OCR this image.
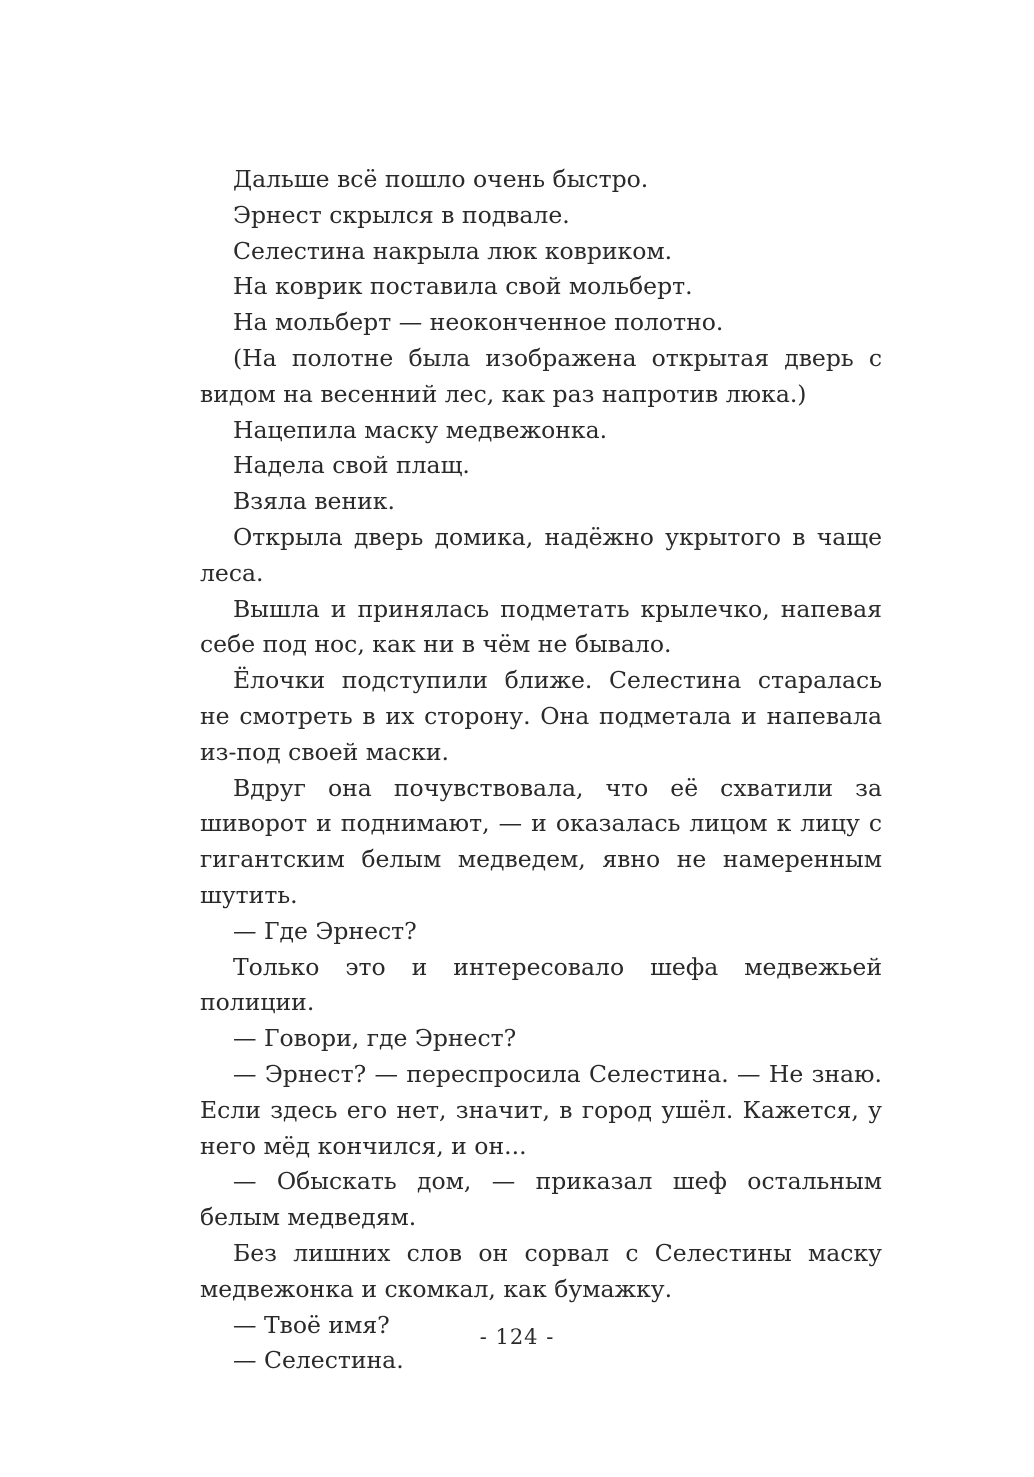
Дальше всё пошло очень быстро.

Эрнест скрылся в подвале.

Селестина накрыла люк ковриком.

На коврик поставила свой мольберт.

На мольберт — неоконченное полотно.

(На полотне была изображена открытая дверь с видом на весенний лес, как раз напротив люка.)

Нацепила маску медвежонка.

Надела свой плащ.

Взяла веник.

Открыла дверь домика, надёжно укрытого в чаще леса.

Вышла и принялась подметать крылечко, напевая себе под нос, как ни в чём не бывало.

Ёлочки подступили ближе. Селестина старалась не смотреть в их сторону. Она подметала и напевала из-под своей маски.

Вдруг она почувствовала, что её схватили за шиворот и поднимают, — и оказалась лицом к лицу с гигантским белым медведем, явно не намеренным шутить.

— Где Эрнест?

Только это и интересовало шефа медвежьей полиции.

— Говори, где Эрнест?

— Эрнест? — переспросила Селестина. — Не знаю. Если здесь его нет, значит, в город ушёл. Кажется, у него мёд кончился, и он...

— Обыскать дом, — приказал шеф остальным белым медведям.

Без лишних слов он сорвал с Селестины маску медвежонка и скомкал, как бумажку.

— Твоё имя?

— Селестина.

- 124 -
